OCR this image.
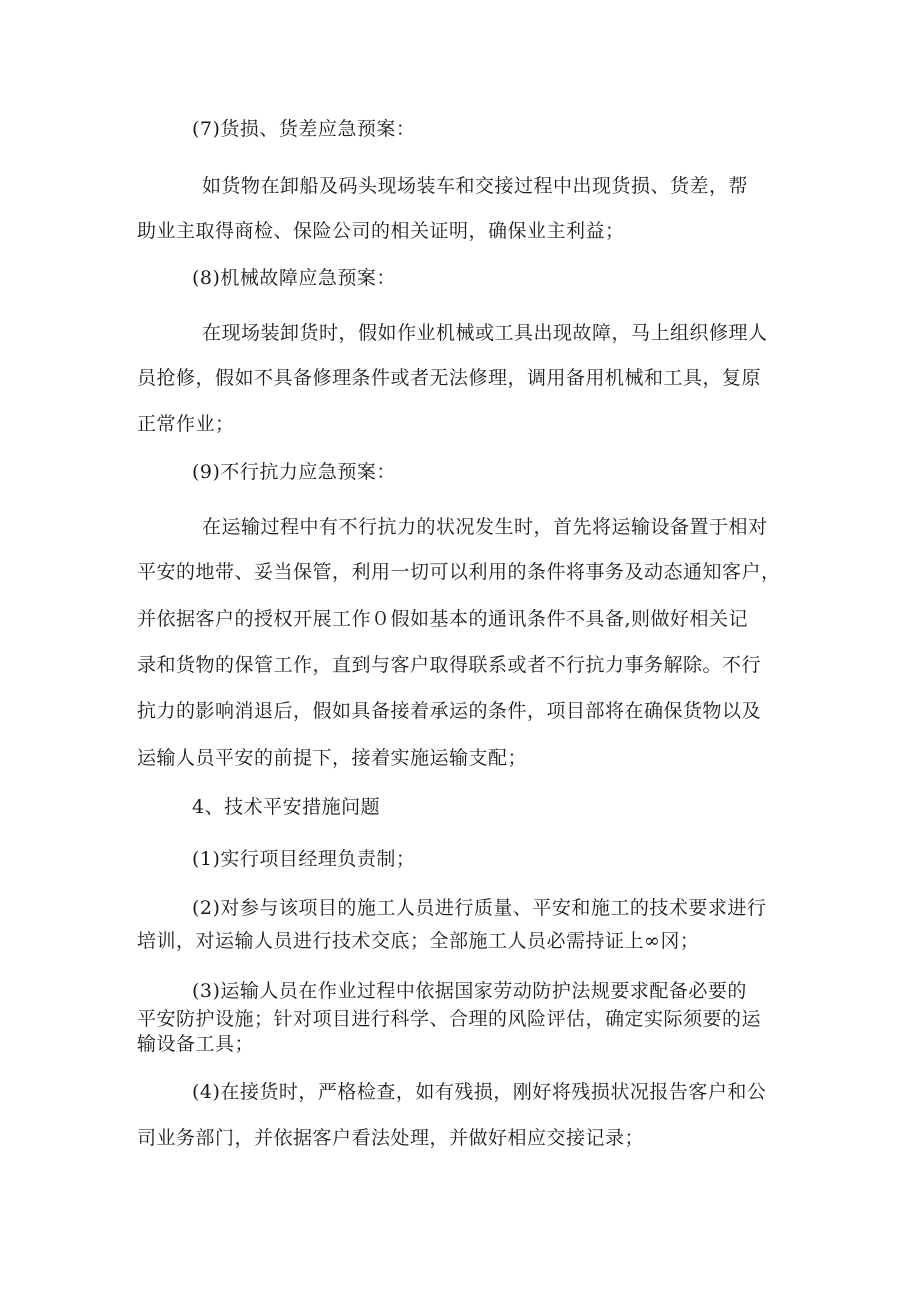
(7)货损、货差应急预案：
如货物在卸船及码头现场装车和交接过程中出现货损、货差，帮
助业主取得商检、保险公司的相关证明，确保业主利益；
(8)机械故障应急预案：
在现场装卸货时，假如作业机械或工具出现故障，马上组织修理人
员抢修，假如不具备修理条件或者无法修理，调用备用机械和工具，复原
正常作业；
(9)不行抗力应急预案：
在运输过程中有不行抗力的状况发生时，首先将运输设备置于相对
平安的地带、妥当保管，利用一切可以利用的条件将事务及动态通知客户，
并依据客户的授权开展工作０假如基本的通讯条件不具备,则做好相关记
录和货物的保管工作，直到与客户取得联系或者不行抗力事务解除。不行
抗力的影响消退后，假如具备接着承运的条件，项目部将在确保货物以及
运输人员平安的前提下，接着实施运输支配；
4、技术平安措施问题
(1)实行项目经理负责制；
(2)对参与该项目的施工人员进行质量、平安和施工的技术要求进行
培训，对运输人员进行技术交底；全部施工人员必需持证上∞冈；
(3)运输人员在作业过程中依据国家劳动防护法规要求配备必要的
平安防护设施；针对项目进行科学、合理的风险评估，确定实际须要的运
输设备工具；
(4)在接货时，严格检查，如有残损，刚好将残损状况报告客户和公
司业务部门，并依据客户看法处理，并做好相应交接记录；
